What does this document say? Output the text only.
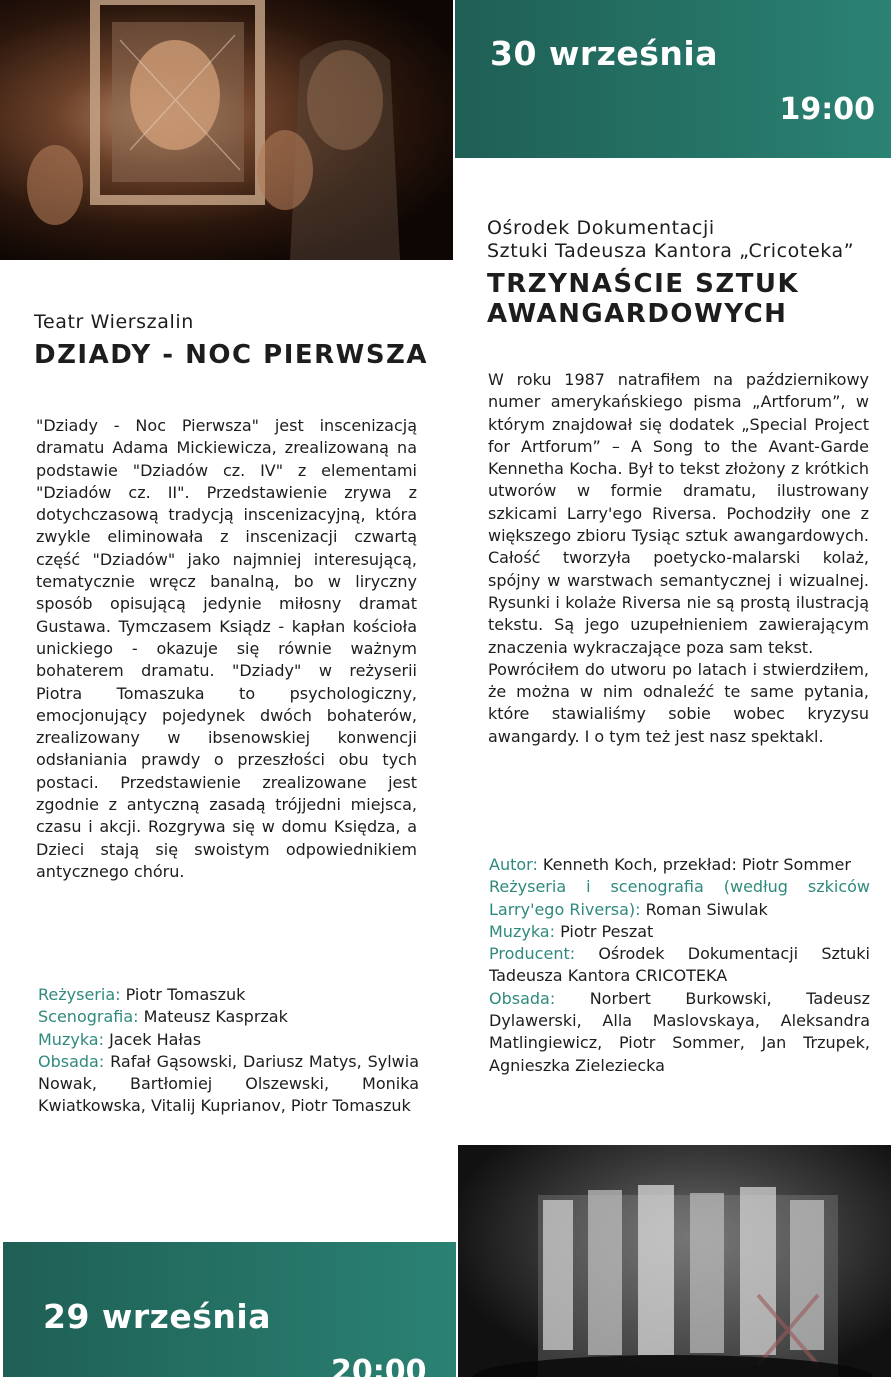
30 września
19:00
Teatr Wierszalin
DZIADY - NOC PIERWSZA

"Dziady - Noc Pierwsza" jest inscenizacją dramatu Adama Mickiewicza, zrealizowaną na podstawie "Dziadów cz. IV" z elementami "Dziadów cz. II". Przedstawienie zrywa z dotychczasową tradycją inscenizacyjną, która zwykle eliminowała z inscenizacji czwartą część "Dziadów" jako najmniej interesującą, tematycznie wręcz banalną, bo w liryczny sposób opisującą jedynie miłosny dramat Gustawa. Tymczasem Ksiądz - kapłan kościoła unickiego - okazuje się równie ważnym bohaterem dramatu. "Dziady" w reżyserii Piotra Tomaszuka to psychologiczny, emocjonujący pojedynek dwóch bohaterów, zrealizowany w ibsenowskiej konwencji odsłaniania prawdy o przeszłości obu tych postaci. Przedstawienie zrealizowane jest zgodnie z antyczną zasadą trójjedni miejsca, czasu i akcji. Rozgrywa się w domu Księdza, a Dzieci stają się swoistym odpowiednikiem antycznego chóru.

Reżyseria: Piotr Tomaszuk
Scenografia: Mateusz Kasprzak
Muzyka: Jacek Hałas
Obsada: Rafał Gąsowski, Dariusz Matys, Sylwia Nowak, Bartłomiej Olszewski, Monika Kwiatkowska, Vitalij Kuprianov, Piotr Tomaszuk
Ośrodek Dokumentacji
Sztuki Tadeusza Kantora „Cricoteka”
TRZYNAŚCIE SZTUK
AWANGARDOWYCH

W roku 1987 natrafiłem na październikowy numer amerykańskiego pisma „Artforum”, w którym znajdował się dodatek „Special Project for Artforum” – A Song to the Avant-Garde Kennetha Kocha. Był to tekst złożony z krótkich utworów w formie dramatu, ilustrowany szkicami Larry'ego Riversa. Pochodziły one z większego zbioru Tysiąc sztuk awangardowych. Całość tworzyła poetycko-malarski kolaż, spójny w warstwach semantycznej i wizualnej. Rysunki i kolaże Riversa nie są prostą ilustracją tekstu. Są jego uzupełnieniem zawierającym znaczenia wykraczające poza sam tekst.

Powróciłem do utworu po latach i stwierdziłem, że można w nim odnaleźć te same pytania, które stawialiśmy sobie wobec kryzysu awangardy. I o tym też jest nasz spektakl.

Autor: Kenneth Koch, przekład: Piotr Sommer
Reżyseria i scenografia (według szkiców Larry'ego Riversa): Roman Siwulak
Muzyka: Piotr Peszat
Producent: Ośrodek Dokumentacji Sztuki Tadeusza Kantora CRICOTEKA
Obsada: Norbert Burkowski, Tadeusz Dylawerski, Alla Maslovskaya, Aleksandra Matlingiewicz, Piotr Sommer, Jan Trzupek, Agnieszka Zieleziecka
29 września
20:00
